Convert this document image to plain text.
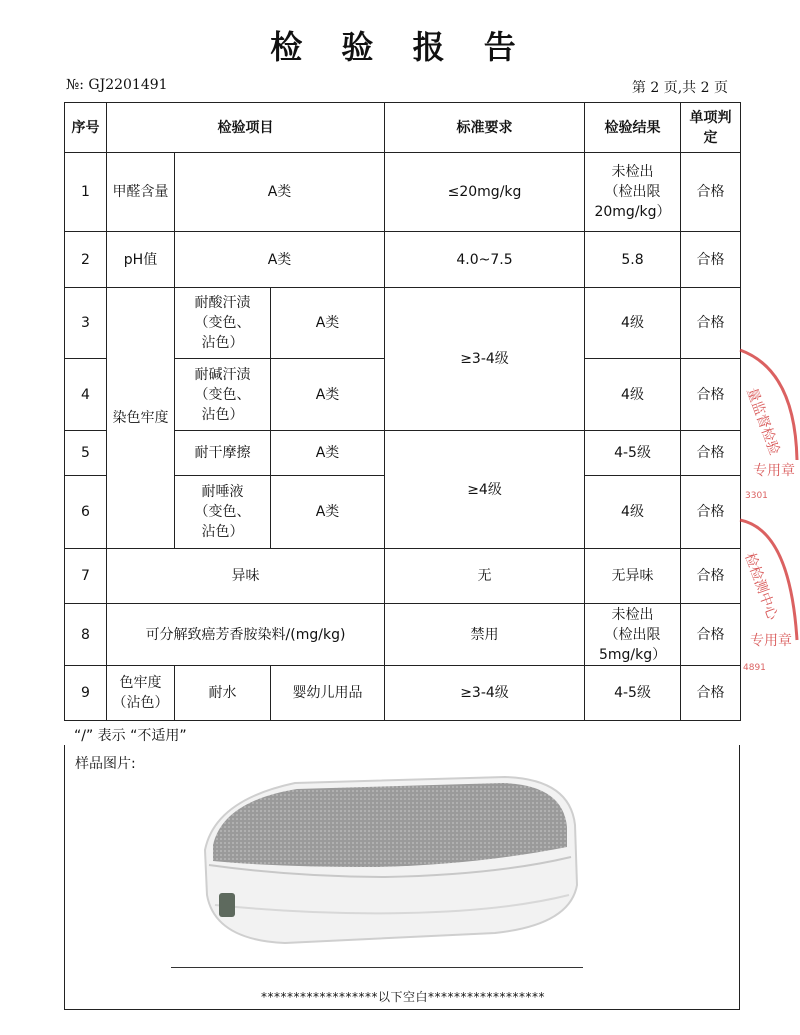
检 验 报 告
№: GJ2201491	第 2 页,共 2 页
序号	检验项目			标准要求	检验结果	单项判定
1	甲醛含量	A类		≤20mg/kg	未检出
（检出限
20mg/kg）	合格
2	pH值	A类		4.0~7.5	5.8	合格
3	染色牢度	耐酸汗渍
（变色、
沾色）	A类	≥3-4级	4级	合格
4		耐碱汗渍
（变色、
沾色）	A类		4级	合格
5		耐干摩擦	A类	≥4级	4-5级	合格
6		耐唾液
（变色、
沾色）	A类		4级	合格
7	异味			无	无异味	合格
8	可分解致癌芳香胺染料/(mg/kg)			禁用	未检出
（检出限
5mg/kg）	合格
9	色牢度
（沾色）	耐水	婴幼儿用品	≥3-4级	4-5级	合格
“/” 表示 “不适用”
样品图片:
******************以下空白******************
量监督检验
专用章
3301
检检测中心
专用章
4891
